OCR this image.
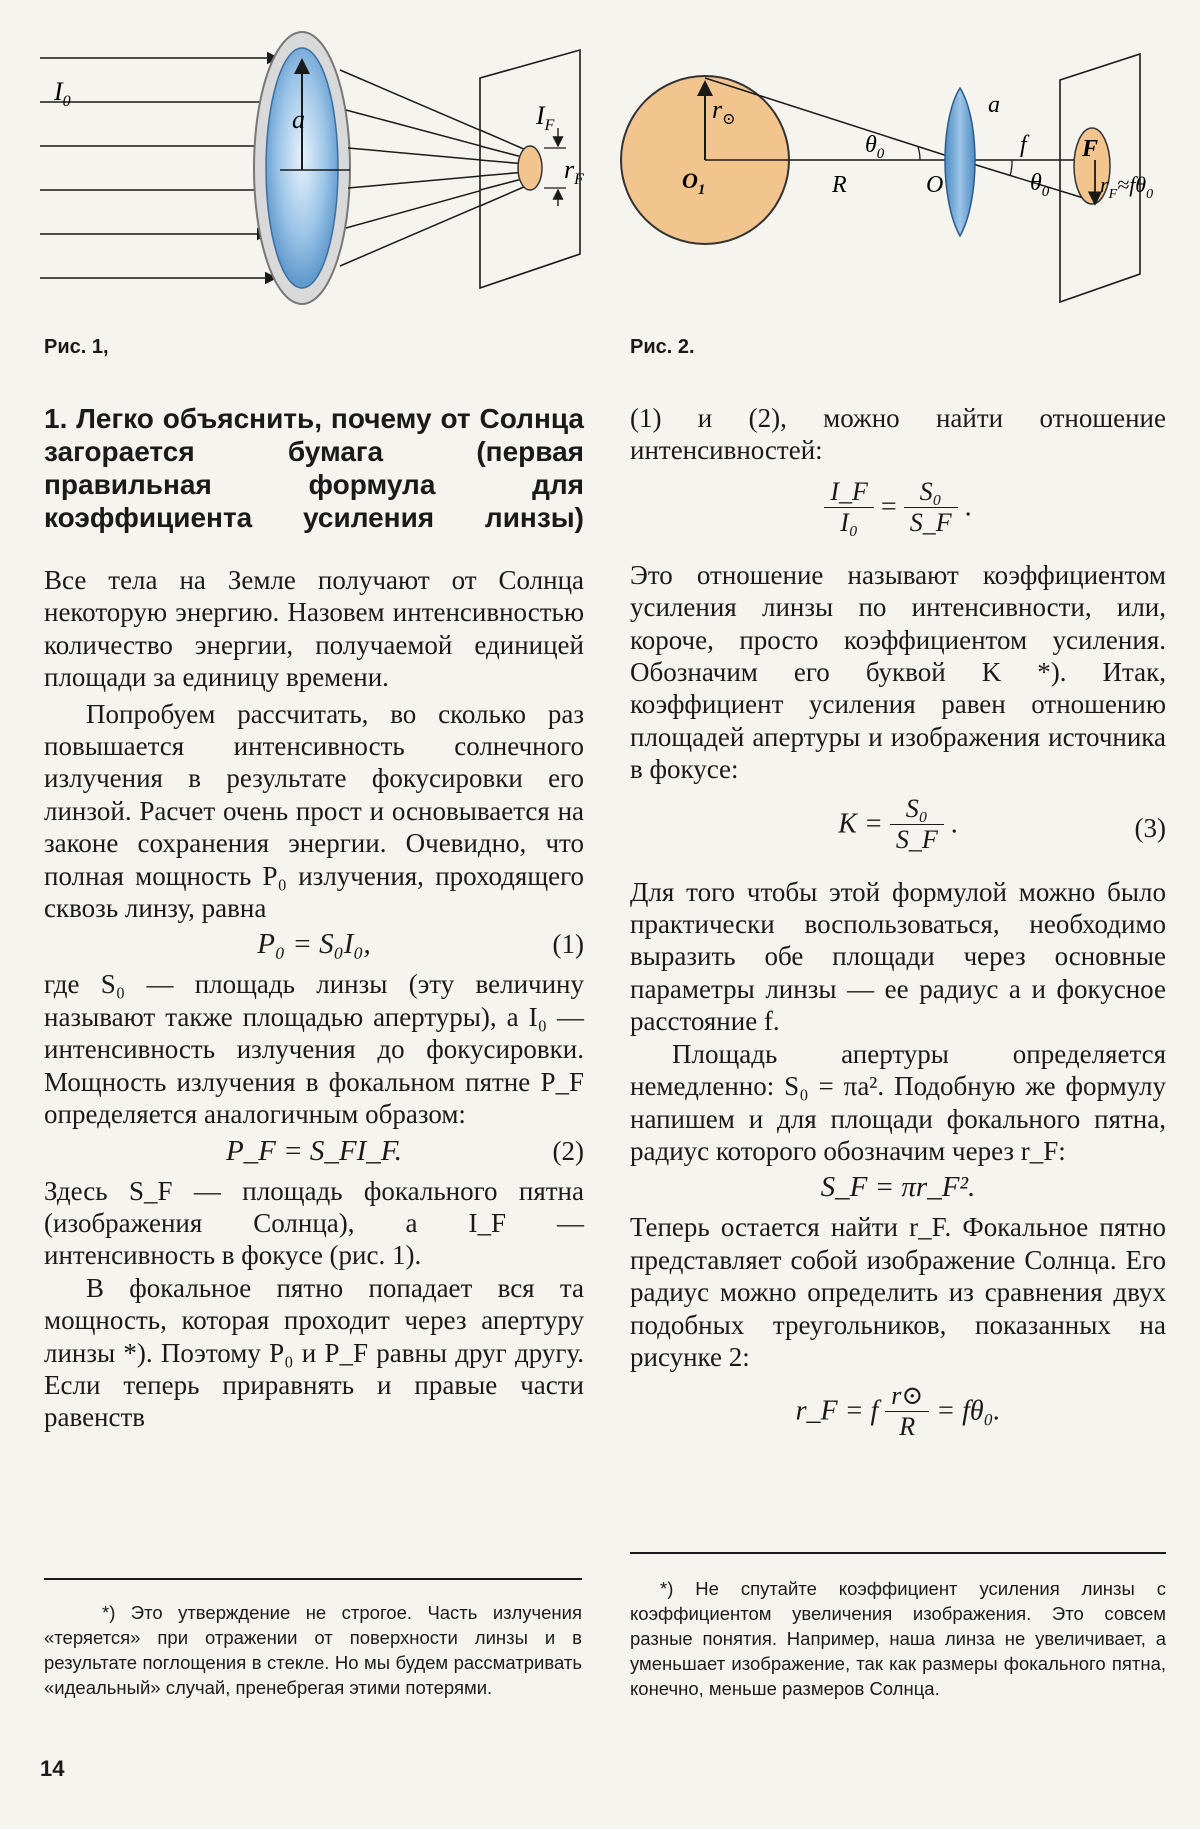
$I_0$
a	$I_F$
$r_F$
Рис. 1,
$r_⊙$
$O_1$
$\theta_0$
R	O
a
f
$\theta_0$
F
$r_F\approx f\theta_0$
Рис. 2.
1. Легко объяснить, почему от Солнца загорается бумага (первая правильная формула для коэффициента усиления линзы)

Все тела на Земле получают от Солнца некоторую энергию. Назовем интенсивностью количество энергии, получаемой единицей площади за единицу времени.

Попробуем рассчитать, во сколько раз повышается интенсивность солнечного излучения в результате фокусировки его линзой. Расчет очень прост и основывается на законе сохранения энергии. Очевидно, что полная мощность P₀ излучения, проходящего сквозь линзу, равна

P₀ = S₀I₀,	(1)

где S₀ — площадь линзы (эту величину называют также площадью апертуры), а I₀ — интенсивность излучения до фокусировки. Мощность излучения в фокальном пятне P_F определяется аналогичным образом:

P_F = S_FI_F.	(2)

Здесь S_F — площадь фокального пятна (изображения Солнца), а I_F — интенсивность в фокусе (рис. 1).

В фокальное пятно попадает вся та мощность, которая проходит через апертуру линзы *). Поэтому P₀ и P_F равны друг другу. Если теперь приравнять и правые части равенств

*) Это утверждение не строгое. Часть излучения «теряется» при отражении от поверхности линзы и в результате поглощения в стекле. Но мы будем рассматривать «идеальный» случай, пренебрегая этими потерями.
14

(1) и (2), можно найти отношение интенсивностей:

$\frac{I\_F}{\text{I₀}} = \frac{\text{S₀}}{S\_F}$ .

Это отношение называют коэффициентом усиления линзы по интенсивности, или, короче, просто коэффициентом усиления. Обозначим его буквой K *). Итак, коэффициент усиления равен отношению площадей апертуры и изображения источника в фокусе:

$K = \frac{\text{S₀}}{S\_F}$ .	(3)

Для того чтобы этой формулой можно было практически воспользоваться, необходимо выразить обе площади через основные параметры линзы — ее радиус a и фокусное расстояние f.

Площадь апертуры определяется немедленно: S₀ = πa². Подобную же формулу напишем и для площади фокального пятна, радиус которого обозначим через r_F:

S_F = πr_F².

Теперь остается найти r_F. Фокальное пятно представляет собой изображение Солнца. Его радиус можно определить из сравнения двух подобных треугольников, показанных на рисунке 2:

r_F = f $\frac{r⊙}{R} = f\theta_0$.
*) Не спутайте коэффициент усиления линзы с коэффициентом увеличения изображения. Это совсем разные понятия. Например, наша линза не увеличивает, а уменьшает изображение, так как размеры фокального пятна, конечно, меньше размеров Солнца.
